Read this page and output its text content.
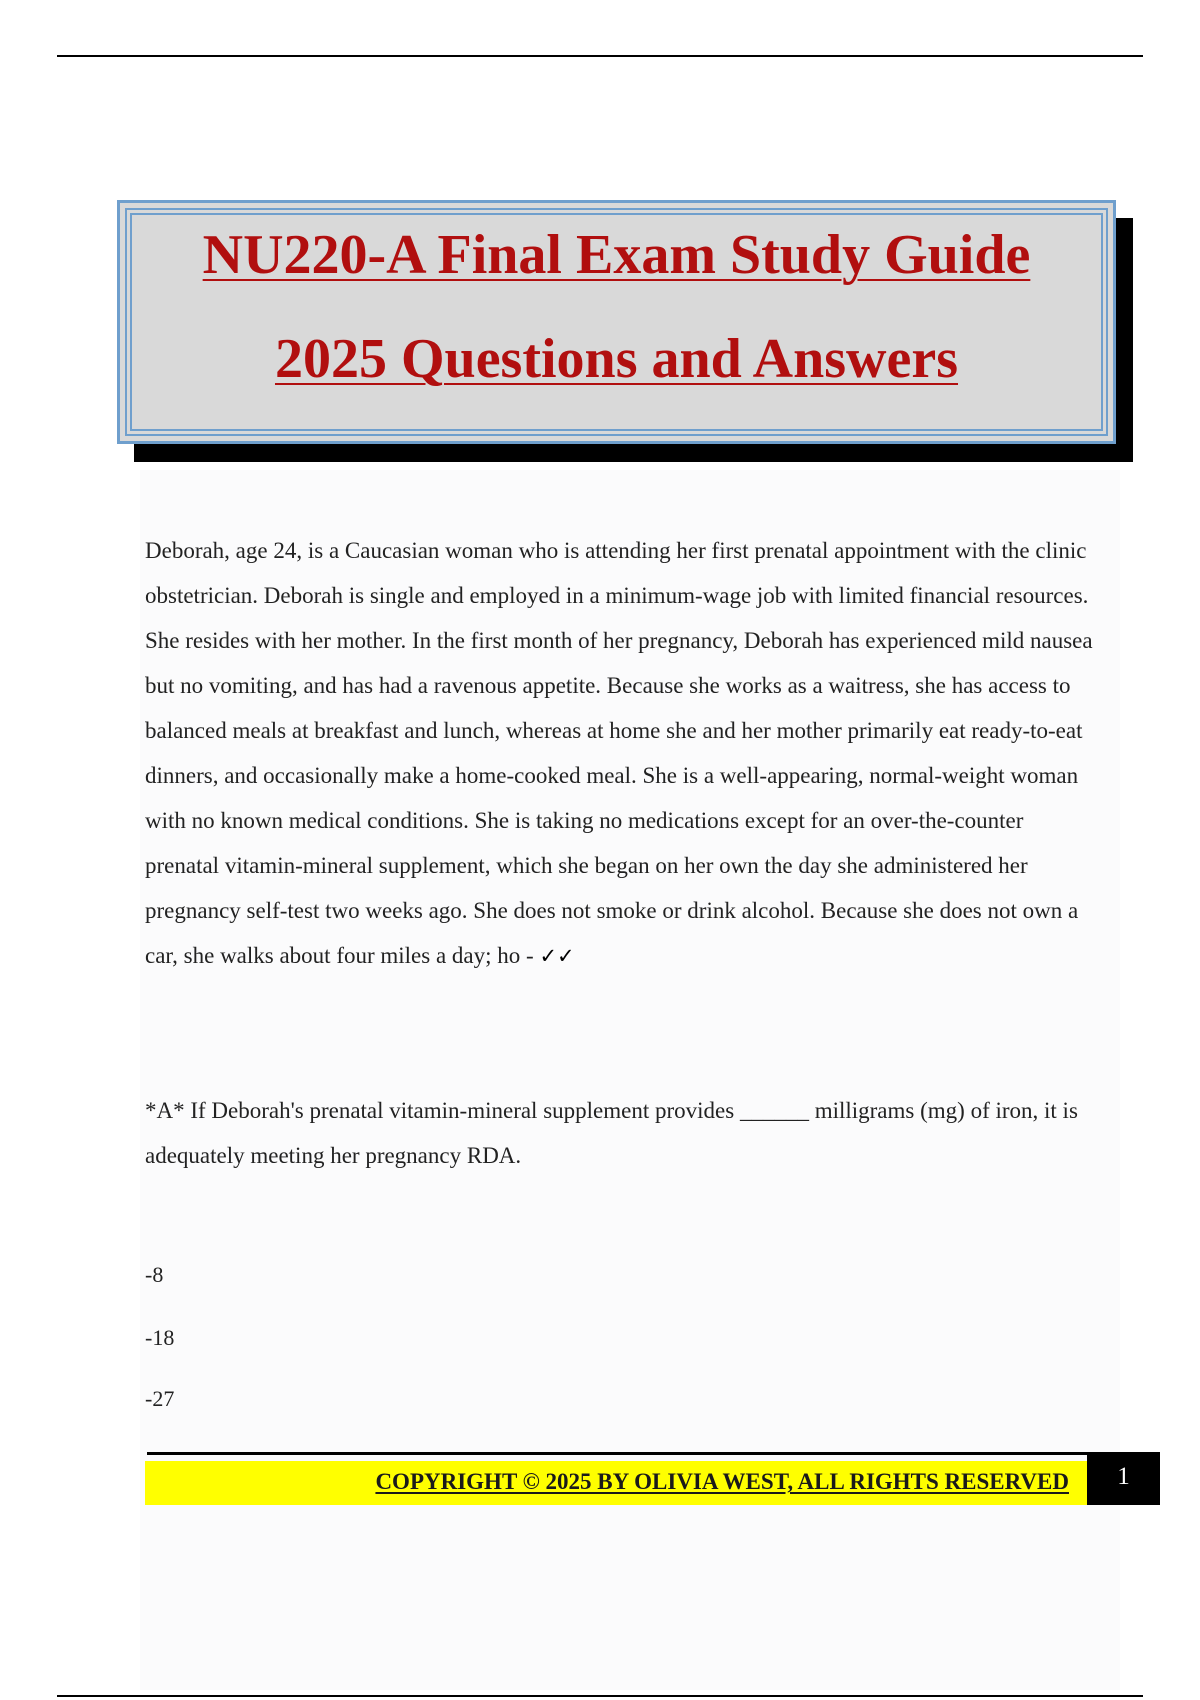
NU220-A Final Exam Study Guide
2025 Questions and Answers

Deborah, age 24, is a Caucasian woman who is attending her first prenatal appointment with the clinic obstetrician. Deborah is single and employed in a minimum-wage job with limited financial resources. She resides with her mother. In the first month of her pregnancy, Deborah has experienced mild nausea but no vomiting, and has had a ravenous appetite. Because she works as a waitress, she has access to balanced meals at breakfast and lunch, whereas at home she and her mother primarily eat ready-to-eat dinners, and occasionally make a home-cooked meal. She is a well-appearing, normal-weight woman with no known medical conditions. She is taking no medications except for an over-the-counter prenatal vitamin-mineral supplement, which she began on her own the day she administered her pregnancy self-test two weeks ago. She does not smoke or drink alcohol. Because she does not own a car, she walks about four miles a day; ho - ✓✓

*A* If Deborah's prenatal vitamin-mineral supplement provides ______ milligrams (mg) of iron, it is adequately meeting her pregnancy RDA.

-8
-18
-27
COPYRIGHT © 2025 BY OLIVIA WEST, ALL RIGHTS RESERVED	1
